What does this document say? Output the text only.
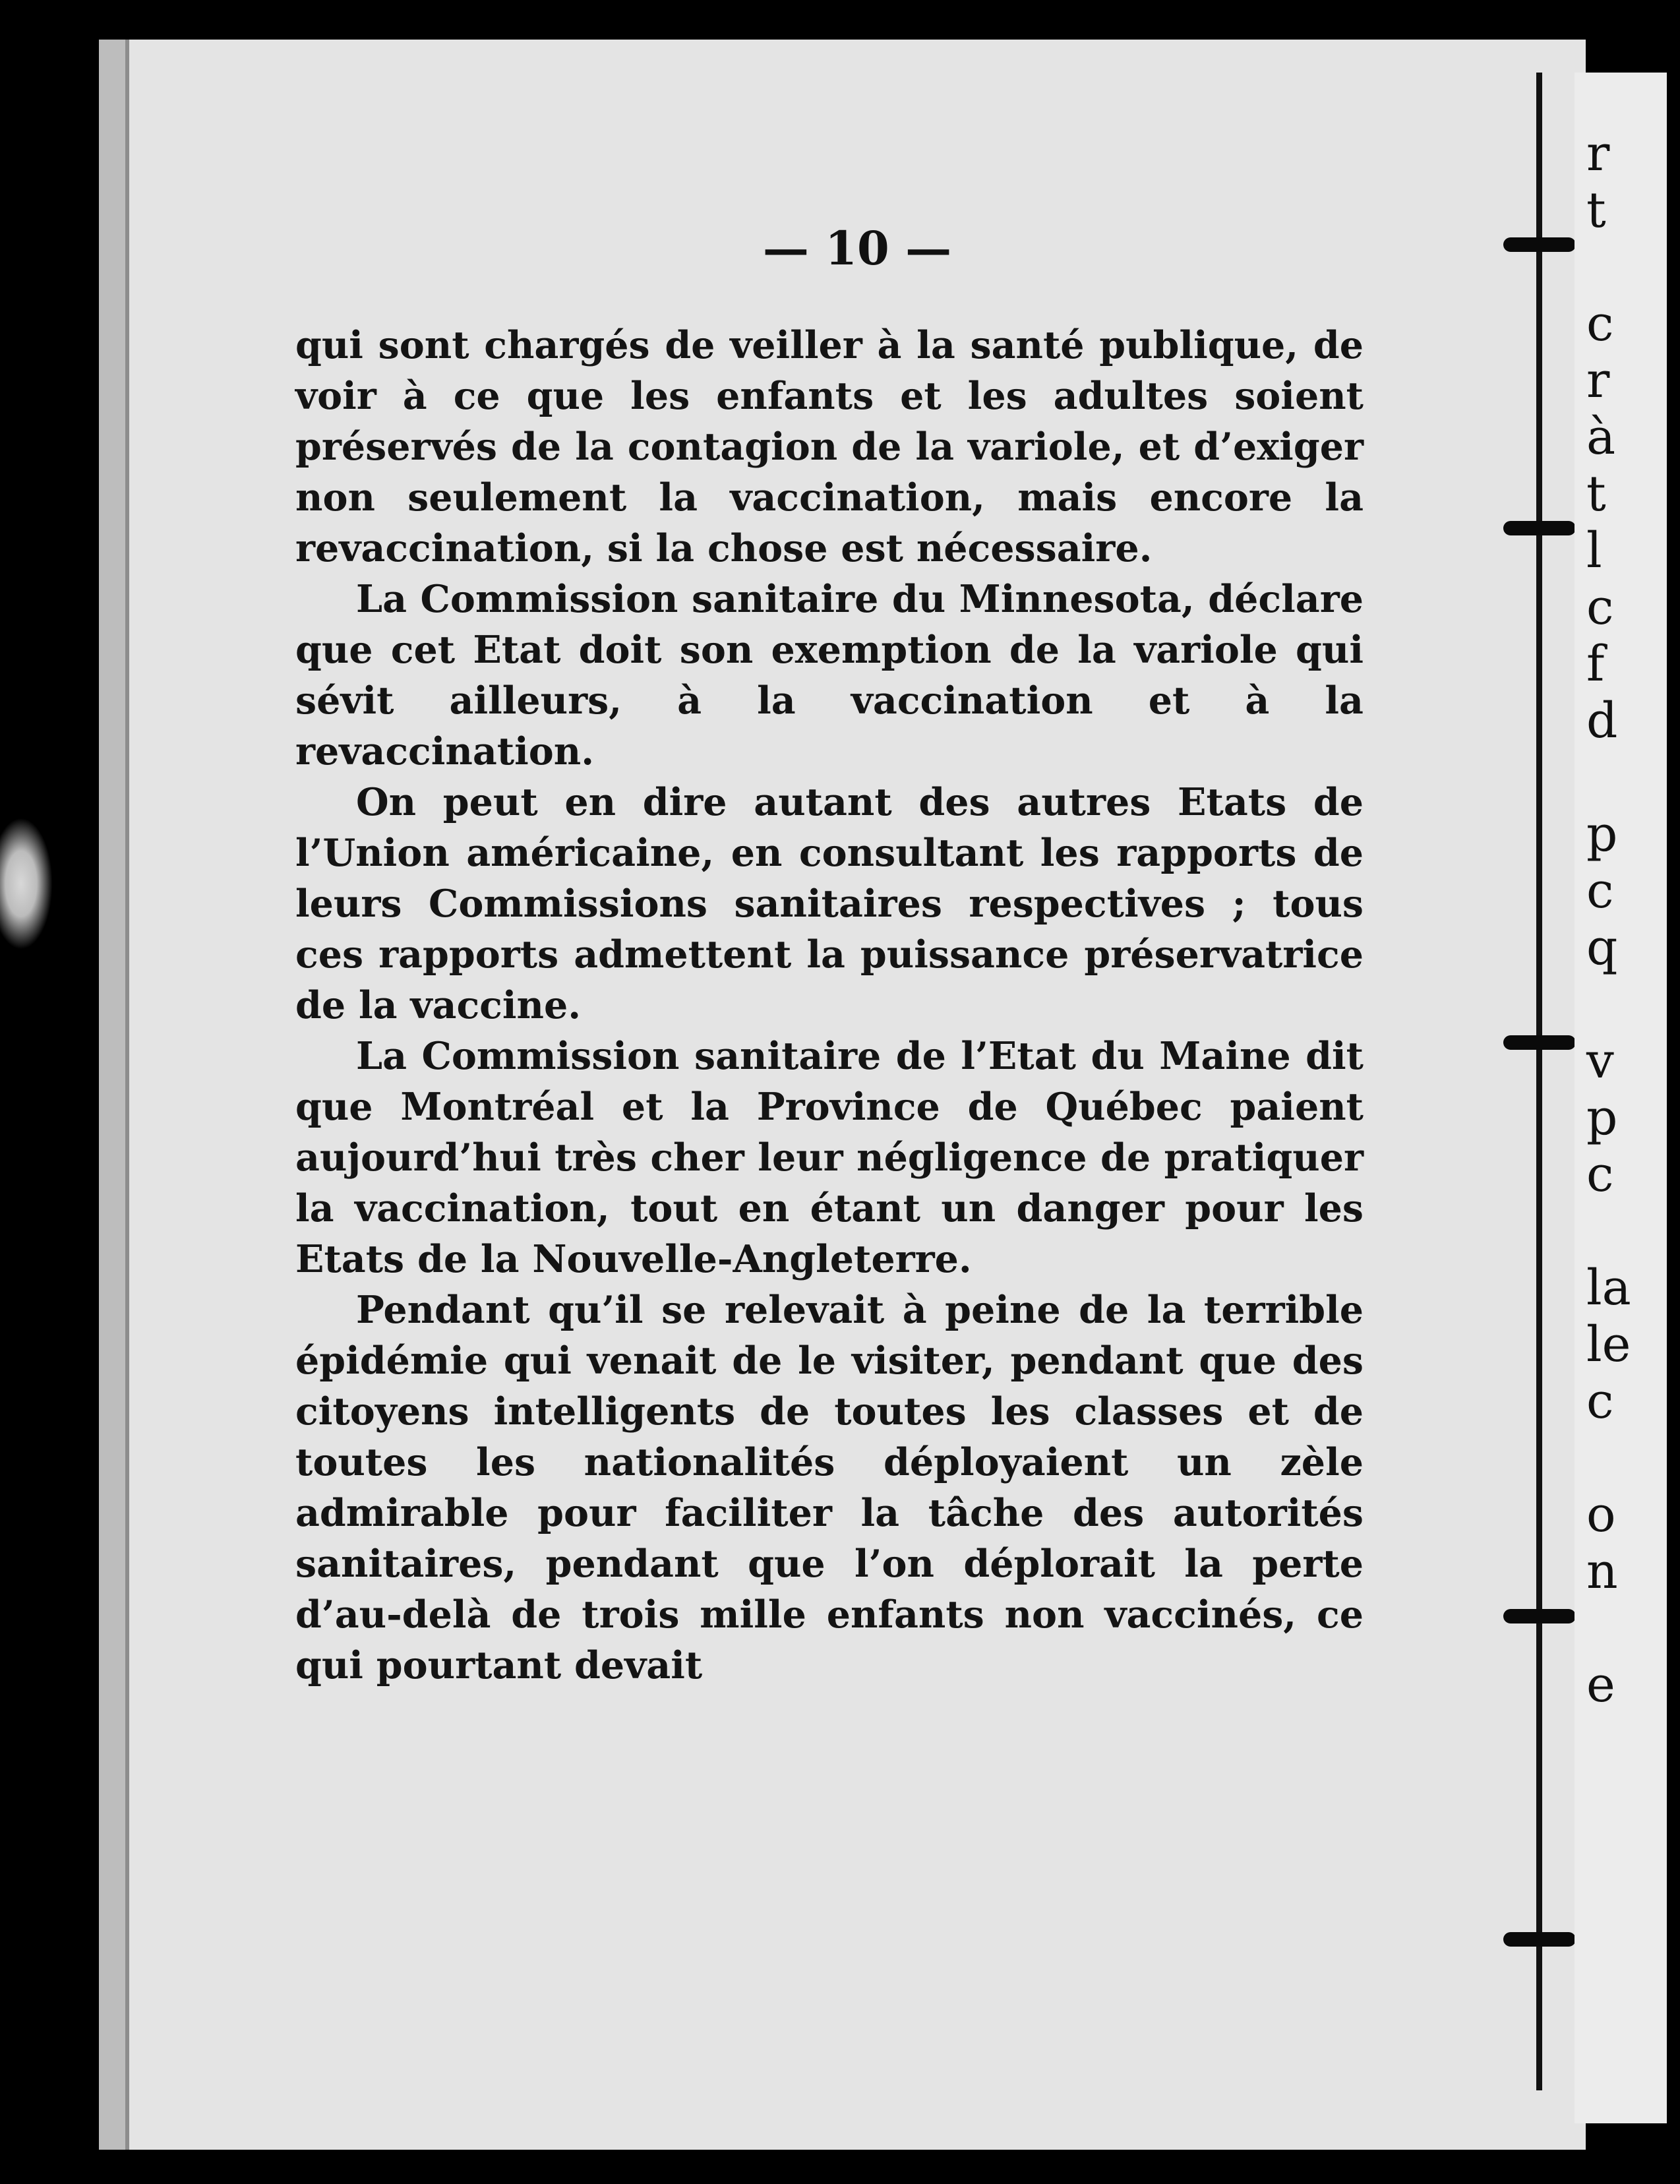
— 10 —

qui sont chargés de veiller à la santé publique, de voir à ce que les enfants et les adultes soient préservés de la contagion de la variole, et d’exiger non seulement la vaccination, mais encore la revaccination, si la chose est nécessaire.

La Commission sanitaire du Minnesota, déclare que cet Etat doit son exemption de la variole qui sévit ailleurs, à la vaccination et à la revaccination.

On peut en dire autant des autres Etats de l’Union américaine, en consultant les rapports de leurs Commissions sanitaires respectives ; tous ces rapports admettent la puissance préservatrice de la vaccine.

La Commission sanitaire de l’Etat du Maine dit que Montréal et la Province de Québec paient aujourd’hui très cher leur négligence de pratiquer la vaccination, tout en étant un danger pour les Etats de la Nouvelle-Angleterre.

Pendant qu’il se relevait à peine de la terrible épidémie qui venait de le visiter, pendant que des citoyens intelligents de toutes les classes et de toutes les nationalités déployaient un zèle admirable pour faciliter la tâche des autorités sanitaires, pendant que l’on déplorait la perte d’au-delà de trois mille enfants non vaccinés, ce qui pourtant devait

r
t
c
r
à
t
l
c
f
d
p
c
q
v
p
c
la
le
c
o
n
e
